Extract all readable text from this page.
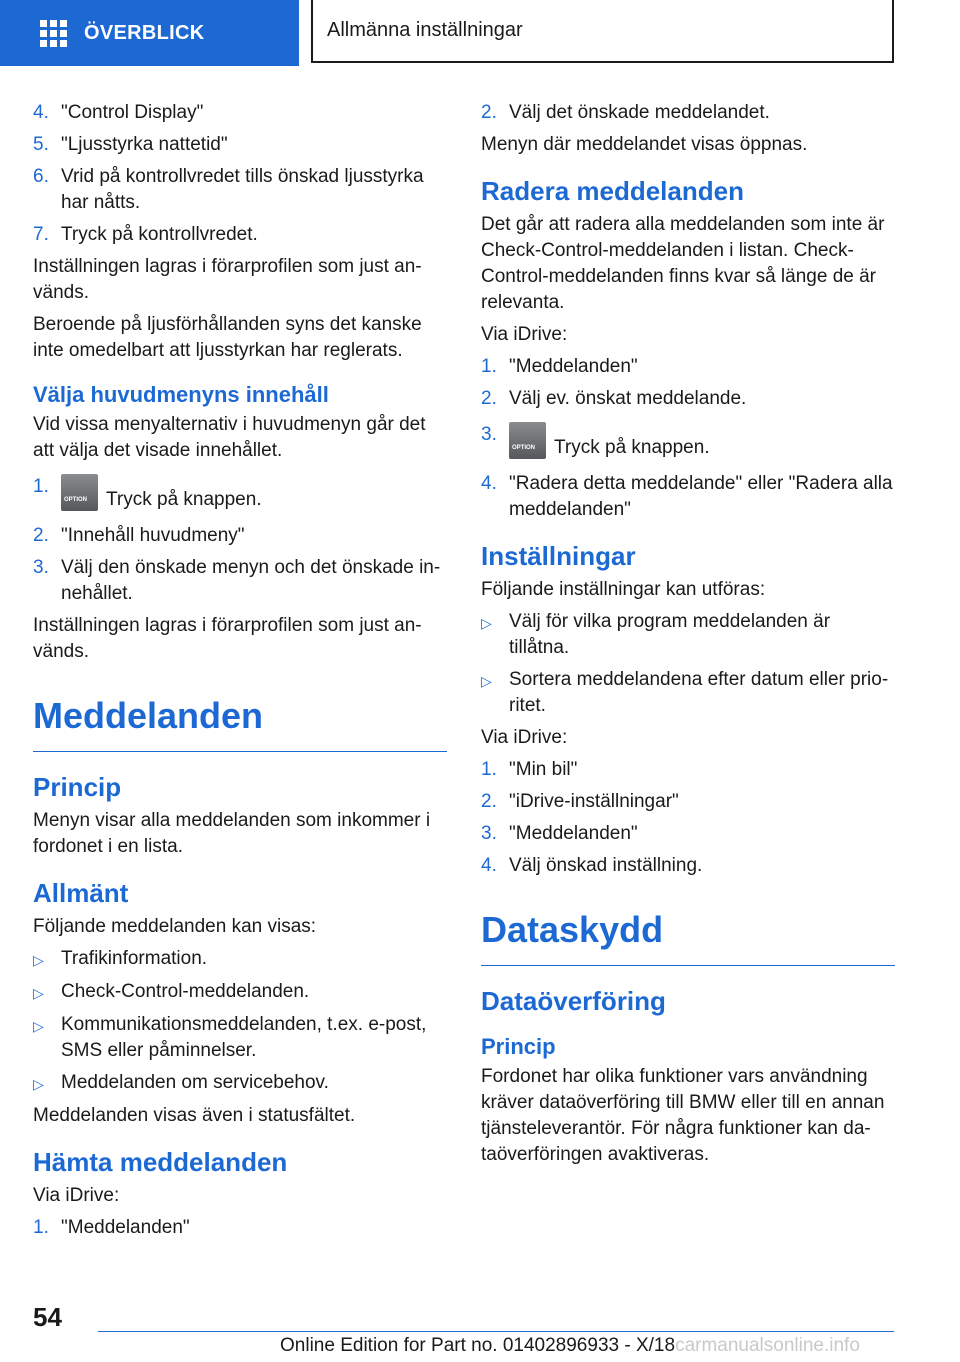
ÖVERBLICK	Allmänna inställningar
4. "Control Display"
5. "Ljusstyrka nattetid"
6. Vrid på kontrollvredet tills önskad ljusstyrka har nåtts.
7. Tryck på kontrollvredet.

Inställningen lagras i förarprofilen som just an‐vänds.

Beroende på ljusförhållanden syns det kanske inte omedelbart att ljusstyrkan har reglerats.

Välja huvudmenyns innehåll

Vid vissa menyalternativ i huvudmenyn går det att välja det visade innehållet.

1.
OPTIONTryck på knappen.
2. "Innehåll huvudmeny"
3. Välj den önskade menyn och det önskade in‐nehållet.

Inställningen lagras i förarprofilen som just an‐vänds.

Meddelanden
Princip

Menyn visar alla meddelanden som inkommer i fordonet i en lista.

Allmänt

Följande meddelanden kan visas:

▷ Trafikinformation.
▷ Check-Control-meddelanden.
▷ Kommunikationsmeddelanden, t.ex. e-post, SMS eller påminnelser.
▷ Meddelanden om servicebehov.

Meddelanden visas även i statusfältet.

Hämta meddelanden

Via iDrive:

1. "Meddelanden"
2. Välj det önskade meddelandet.

Menyn där meddelandet visas öppnas.

Radera meddelanden

Det går att radera alla meddelanden som inte är Check-Control-meddelanden i listan. Check-Control-meddelanden finns kvar så länge de är relevanta.

Via iDrive:

1. "Meddelanden"
2. Välj ev. önskat meddelande.
3.
OPTIONTryck på knappen.
4. "Radera detta meddelande" eller "Radera alla meddelanden"
Inställningar

Följande inställningar kan utföras:

▷ Välj för vilka program meddelanden är tillåtna.
▷ Sortera meddelandena efter datum eller prio‐ritet.

Via iDrive:

1. "Min bil"
2. "iDrive-inställningar"
3. "Meddelanden"
4. Välj önskad inställning.
Dataskydd
Dataöverföring
Princip

Fordonet har olika funktioner vars användning kräver dataöverföring till BMW eller till en annan tjänsteleverantör. För några funktioner kan da‐taöverföringen avaktiveras.

54
Online Edition for Part no. 01402896933 - X/18carmanualsonline.info
